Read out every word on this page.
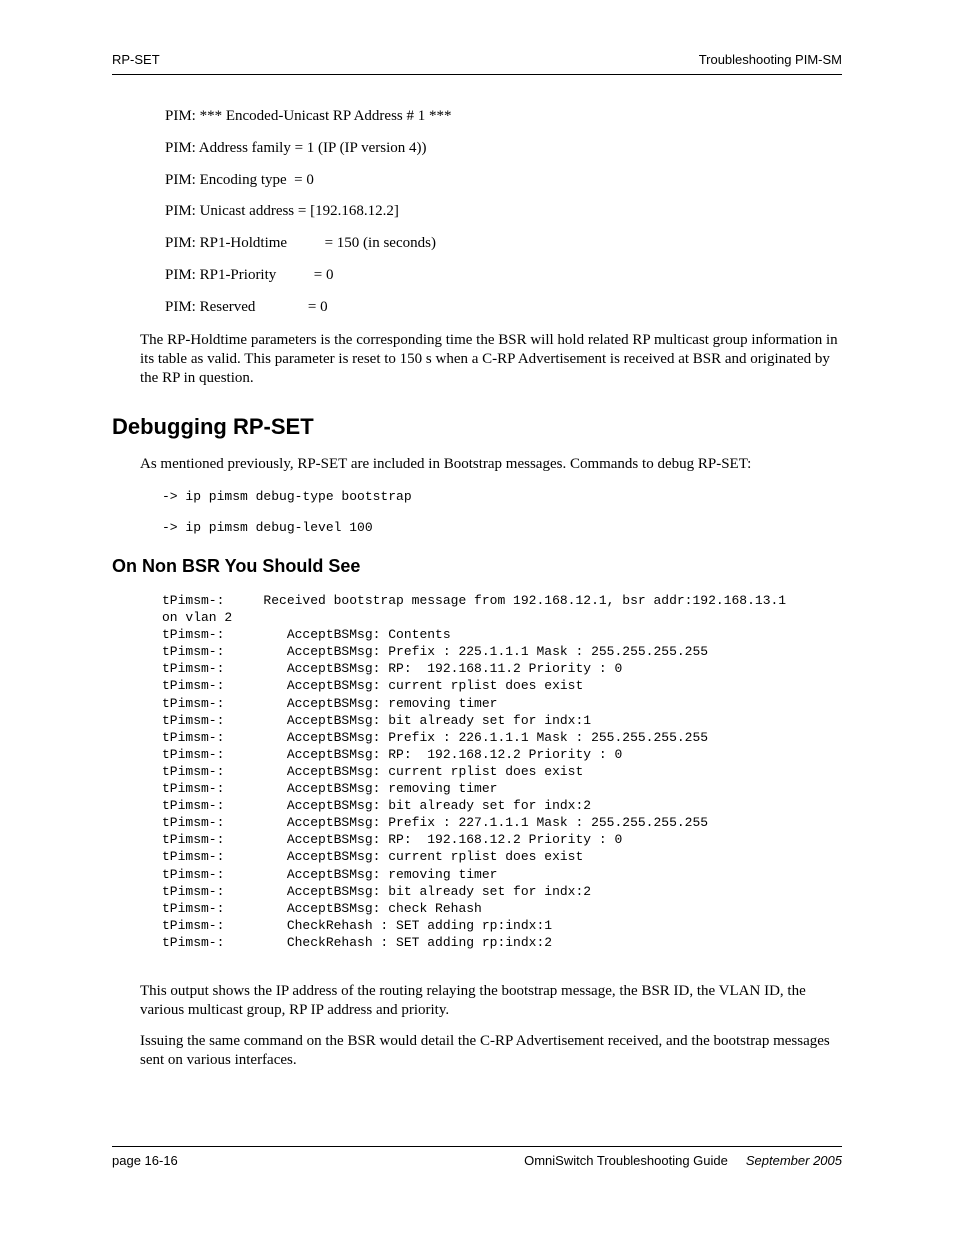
RP-SET	Troubleshooting PIM-SM
PIM: *** Encoded-Unicast RP Address # 1 ***
PIM: Address family = 1 (IP (IP version 4))
PIM: Encoding type  = 0
PIM: Unicast address = [192.168.12.2]
PIM: RP1-Holdtime          = 150 (in seconds)
PIM: RP1-Priority          = 0
PIM: Reserved              = 0
The RP-Holdtime parameters is the corresponding time the BSR will hold related RP multicast group information in its table as valid. This parameter is reset to 150 s when a C-RP Advertisement is received at BSR and originated by the RP in question.
Debugging RP-SET
As mentioned previously, RP-SET are included in Bootstrap messages. Commands to debug RP-SET:
-> ip pimsm debug-type bootstrap
-> ip pimsm debug-level 100
On Non BSR You Should See
tPimsm-:     Received bootstrap message from 192.168.12.1, bsr addr:192.168.13.1
on vlan 2
tPimsm-:        AcceptBSMsg: Contents
tPimsm-:        AcceptBSMsg: Prefix : 225.1.1.1 Mask : 255.255.255.255
tPimsm-:        AcceptBSMsg: RP:  192.168.11.2 Priority : 0
tPimsm-:        AcceptBSMsg: current rplist does exist
tPimsm-:        AcceptBSMsg: removing timer
tPimsm-:        AcceptBSMsg: bit already set for indx:1
tPimsm-:        AcceptBSMsg: Prefix : 226.1.1.1 Mask : 255.255.255.255
tPimsm-:        AcceptBSMsg: RP:  192.168.12.2 Priority : 0
tPimsm-:        AcceptBSMsg: current rplist does exist
tPimsm-:        AcceptBSMsg: removing timer
tPimsm-:        AcceptBSMsg: bit already set for indx:2
tPimsm-:        AcceptBSMsg: Prefix : 227.1.1.1 Mask : 255.255.255.255
tPimsm-:        AcceptBSMsg: RP:  192.168.12.2 Priority : 0
tPimsm-:        AcceptBSMsg: current rplist does exist
tPimsm-:        AcceptBSMsg: removing timer
tPimsm-:        AcceptBSMsg: bit already set for indx:2
tPimsm-:        AcceptBSMsg: check Rehash
tPimsm-:        CheckRehash : SET adding rp:indx:1
tPimsm-:        CheckRehash : SET adding rp:indx:2
This output shows the IP address of the routing relaying the bootstrap message, the BSR ID, the VLAN ID, the various multicast group, RP IP address and priority.
Issuing the same command on the BSR would detail the C-RP Advertisement received, and the bootstrap messages sent on various interfaces.
page 16-16	OmniSwitch Troubleshooting Guide September 2005
